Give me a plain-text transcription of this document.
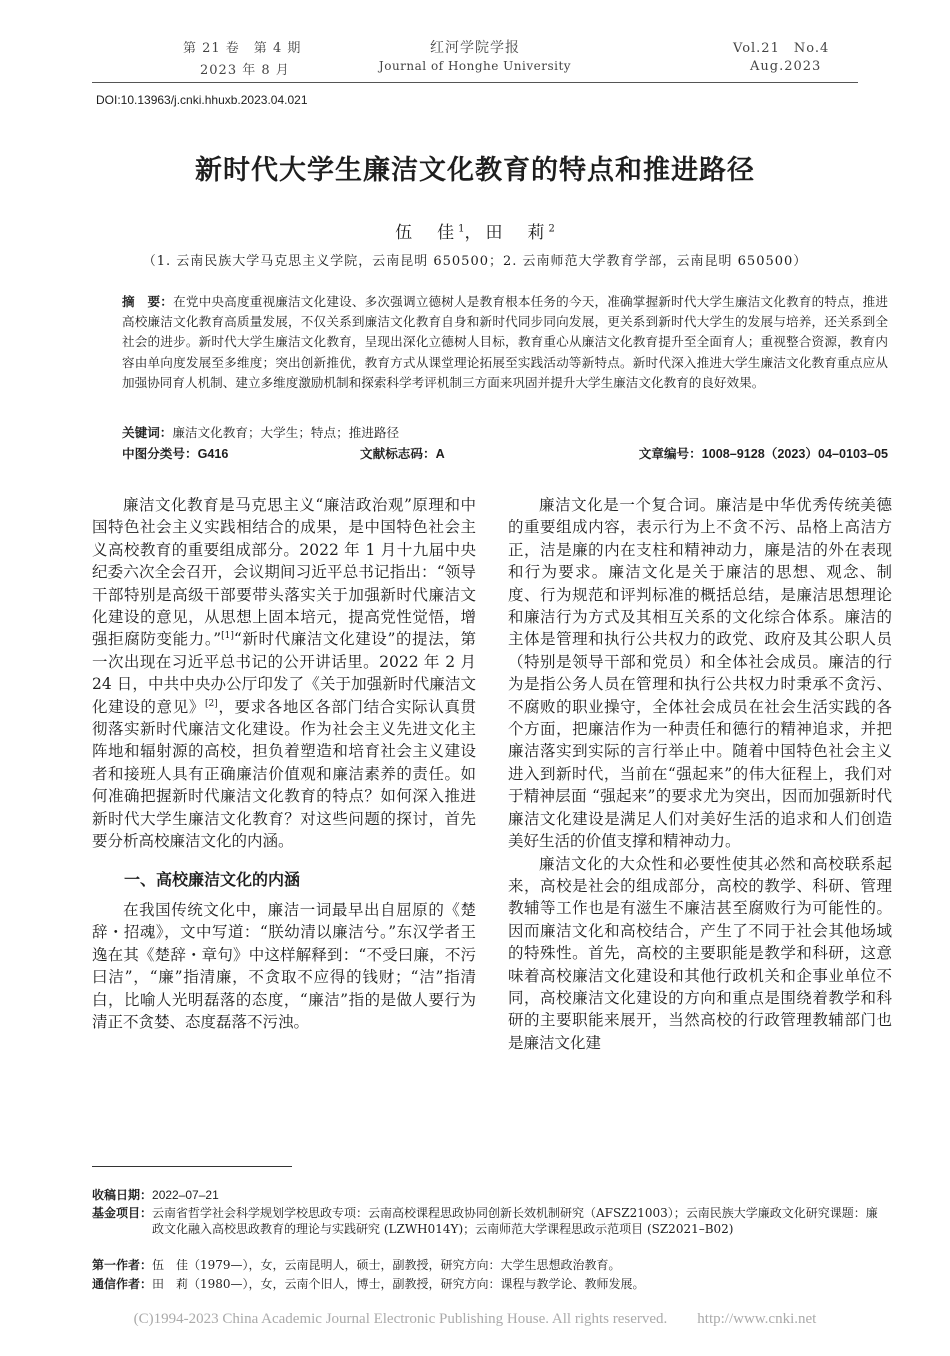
第 21 卷　第 4 期
2023 年 8 月
红河学院学报
Journal of Honghe University
Vol.21　No.4
Aug.2023
DOI:10.13963/j.cnki.hhuxb.2023.04.021
新时代大学生廉洁文化教育的特点和推进路径
伍　佳$^1$，田　莉$^2$
（1. 云南民族大学马克思主义学院，云南昆明 650500；2. 云南师范大学教育学部，云南昆明 650500）
摘　要：在党中央高度重视廉洁文化建设、多次强调立德树人是教育根本任务的今天，准确掌握新时代大学生廉洁文化教育的特点，推进高校廉洁文化教育高质量发展，不仅关系到廉洁文化教育自身和新时代同步同向发展，更关系到新时代大学生的发展与培养，还关系到全社会的进步。新时代大学生廉洁文化教育，呈现出深化立德树人目标，教育重心从廉洁文化教育提升至全面育人；重视整合资源，教育内容由单向度发展至多维度；突出创新推优，教育方式从课堂理论拓展至实践活动等新特点。新时代深入推进大学生廉洁文化教育重点应从加强协同育人机制、建立多维度激励机制和探索科学考评机制三方面来巩固并提升大学生廉洁文化教育的良好效果。
关键词：廉洁文化教育；大学生；特点；推进路径
中图分类号：G416	文献标志码：A	文章编号：1008–9128（2023）04–0103–05

廉洁文化教育是马克思主义“廉洁政治观”原理和中国特色社会主义实践相结合的成果，是中国特色社会主义高校教育的重要组成部分。2022 年 1 月十九届中央纪委六次全会召开，会议期间习近平总书记指出：“领导干部特别是高级干部要带头落实关于加强新时代廉洁文化建设的意见，从思想上固本培元，提高党性觉悟，增强拒腐防变能力。”[1]“新时代廉洁文化建设”的提法，第一次出现在习近平总书记的公开讲话里。2022 年 2 月 24 日，中共中央办公厅印发了《关于加强新时代廉洁文化建设的意见》[2]，要求各地区各部门结合实际认真贯彻落实新时代廉洁文化建设。作为社会主义先进文化主阵地和辐射源的高校，担负着塑造和培育社会主义建设者和接班人具有正确廉洁价值观和廉洁素养的责任。如何准确把握新时代廉洁文化教育的特点？如何深入推进新时代大学生廉洁文化教育？对这些问题的探讨，首先要分析高校廉洁文化的内涵。

一、高校廉洁文化的内涵

在我国传统文化中，廉洁一词最早出自屈原的《楚辞・招魂》，文中写道：“朕幼清以廉洁兮。”东汉学者王逸在其《楚辞・章句》中这样解释到：“不受曰廉，不污曰洁”，“廉”指清廉，不贪取不应得的钱财；“洁”指清白，比喻人光明磊落的态度，“廉洁”指的是做人要行为清正不贪婪、态度磊落不污浊。

廉洁文化是一个复合词。廉洁是中华优秀传统美德的重要组成内容，表示行为上不贪不污、品格上高洁方正，洁是廉的内在支柱和精神动力，廉是洁的外在表现和行为要求。廉洁文化是关于廉洁的思想、观念、制度、行为规范和评判标准的概括总结，是廉洁思想理论和廉洁行为方式及其相互关系的文化综合体系。廉洁的主体是管理和执行公共权力的政党、政府及其公职人员（特别是领导干部和党员）和全体社会成员。廉洁的行为是指公务人员在管理和执行公共权力时秉承不贪污、不腐败的职业操守，全体社会成员在社会生活实践的各个方面，把廉洁作为一种责任和德行的精神追求，并把廉洁落实到实际的言行举止中。随着中国特色社会主义进入到新时代，当前在“强起来”的伟大征程上，我们对于精神层面 “强起来”的要求尤为突出，因而加强新时代廉洁文化建设是满足人们对美好生活的追求和人们创造美好生活的价值支撑和精神动力。

廉洁文化的大众性和必要性使其必然和高校联系起来，高校是社会的组成部分，高校的教学、科研、管理教辅等工作也是有滋生不廉洁甚至腐败行为可能性的。因而廉洁文化和高校结合，产生了不同于社会其他场域的特殊性。首先，高校的主要职能是教学和科研，这意味着高校廉洁文化建设和其他行政机关和企事业单位不同，高校廉洁文化建设的方向和重点是围绕着教学和科研的主要职能来展开，当然高校的行政管理教辅部门也是廉洁文化建

收稿日期： 2022–07–21
基金项目： 云南省哲学社会科学规划学校思政专项：云南高校课程思政协同创新长效机制研究（AFSZ21003）；云南民族大学廉政文化研究课题：廉政文化融入高校思政教育的理论与实践研究 (LZWH014Y)；云南师范大学课程思政示范项目 (SZ2021–B02)
第一作者： 伍　佳（1979—），女，云南昆明人，硕士，副教授，研究方向：大学生思想政治教育。
通信作者： 田　莉（1980—），女，云南个旧人，博士，副教授，研究方向：课程与教学论、教师发展。
(C)1994-2023 China Academic Journal Electronic Publishing House. All rights reserved.　　http://www.cnki.net
